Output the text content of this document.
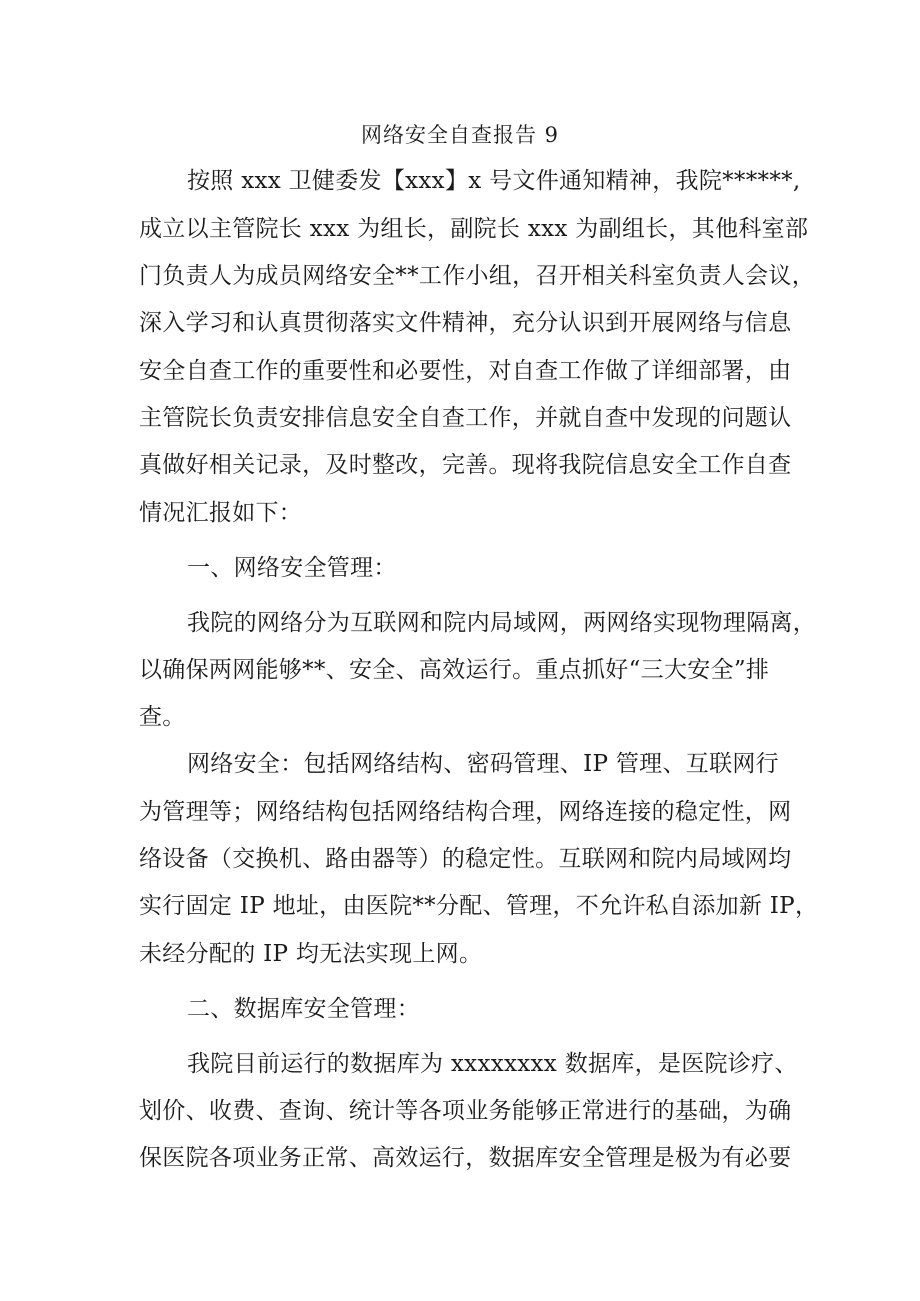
网络安全自查报告 9
按照 xxx 卫健委发【xxx】x 号文件通知精神，我院******,
成立以主管院长 xxx 为组长，副院长 xxx 为副组长，其他科室部
门负责人为成员网络安全**工作小组，召开相关科室负责人会议，
深入学习和认真贯彻落实文件精神，充分认识到开展网络与信息
安全自查工作的重要性和必要性，对自查工作做了详细部署，由
主管院长负责安排信息安全自查工作，并就自查中发现的问题认
真做好相关记录，及时整改，完善。现将我院信息安全工作自查
情况汇报如下：
一、网络安全管理：
我院的网络分为互联网和院内局域网，两网络实现物理隔离，
以确保两网能够**、安全、高效运行。重点抓好“三大安全”排
查。
网络安全：包括网络结构、密码管理、IP 管理、互联网行
为管理等；网络结构包括网络结构合理，网络连接的稳定性，网
络设备（交换机、路由器等）的稳定性。互联网和院内局域网均
实行固定 IP 地址，由医院**分配、管理，不允许私自添加新 IP，
未经分配的 IP 均无法实现上网。
二、数据库安全管理：
我院目前运行的数据库为 xxxxxxxx 数据库，是医院诊疗、
划价、收费、查询、统计等各项业务能够正常进行的基础，为确
保医院各项业务正常、高效运行，数据库安全管理是极为有必要
